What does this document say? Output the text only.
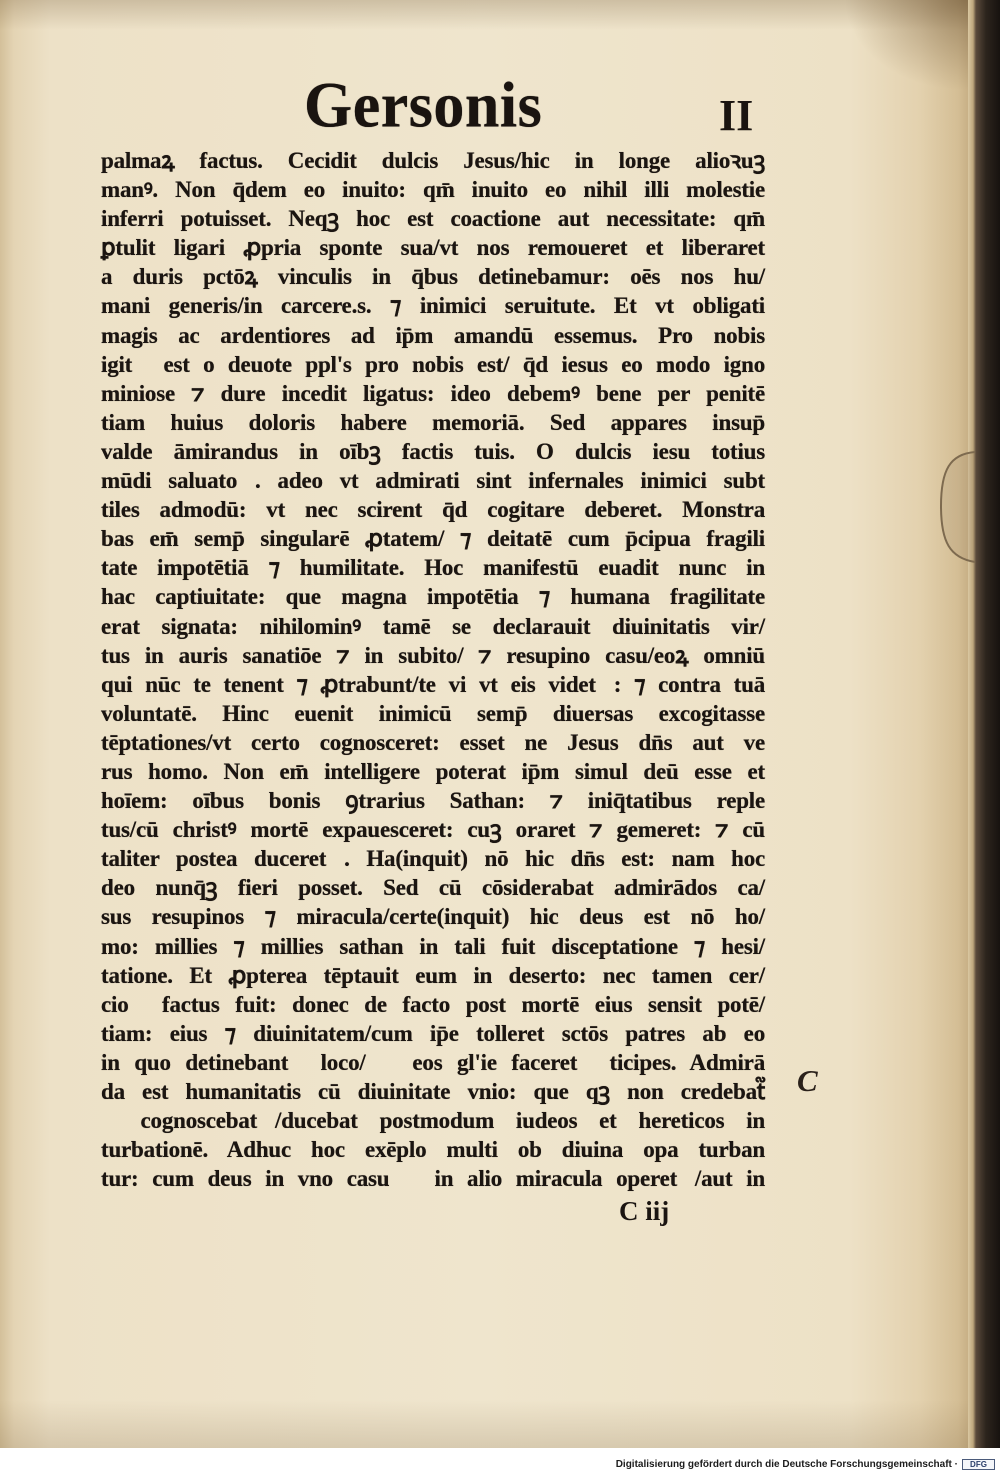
Gersonis	II
palmaꝝ factus. Cecidit dulcis Jesus/hic in longe alioꝛuꝫ
manꝰ. Non q̄dem eo inuito: qm̄ inuito eo nihil illi molestie
inferri potuisset. Neqꝫ hoc est coactione aut necessitate: qm̄
ꝑtulit ligari ꝓpria sponte sua/vt nos remoueret et liberaret
a duris pctōꝝ vinculis in q̄bus detinebamur: oēs nos hu/
mani generis/in carcere.s. ⁊ inimici seruitute. Et vt obligati
magis ac ardentiores ad ip̄m amandū essemus. Pro nobis
igit᷑ est o deuote ppl's pro nobis est/ q̄d iesus eo modo igno
miniose ⁊ dure incedit ligatus: ideo debemꝰ bene per penitē
tiam huius doloris habere memoriā. Sed appares insup̄
valde āmirandus in oībꝫ factis tuis. O dulcis iesu totius
mūdi saluato᷑. adeo vt admirati sint infernales inimici subt
tiles admodū: vt nec scirent q̄d cogitare deberet. Monstra
bas em̄ semp̄ singularē ꝓtatem/ ⁊ deitatē cum p̄cipua fragili
tate impotētiā ⁊ humilitate. Hoc manifestū euadit nunc in
hac captiuitate: que magna impotētia ⁊ humana fragilitate
erat signata: nihilominꝰ tamē se declarauit diuinitatis vir/
tus in auris sanatiōe ⁊ in subito/ ⁊ resupino casu/eoꝝ omniū
qui nūc te tenent ⁊ ꝓtrabunt/te vi vt eis videt᷑: ⁊ contra tuā
voluntatē. Hinc euenit inimicū semp̄ diuersas excogitasse
tēptationes/vt certo cognosceret: esset ne Jesus dn̄s aut ve
rus homo. Non em̄ intelligere poterat ip̄m simul deū esse et
hoīem: oībus bonis ꝯtrarius Sathan: ⁊ iniq̄tatibus reple
tus/cū christꝰ mortē expauesceret: cuꝫ oraret ⁊ gemeret: ⁊ cū
taliter postea duceret᷑. Ha(inquit) nō hic dn̄s est: nam hoc
deo nunq̄ꝫ fieri posset. Sed cū cōsiderabat admirādos ca/
sus resupinos ⁊ miracula/certe(inquit) hic deus est nō ho/
mo: millies ⁊ millies sathan in tali fuit disceptatione ⁊ hesi/
tatione. Et ꝓpterea tēptauit eum in deserto: nec tamen cer/
cio᷑ factus fuit: donec de facto post mortē eius sensit potē/
tiam: eius ⁊ diuinitatem/cum ip̄e tolleret sctōs patres ab eo
in quo detinebant᷑ loco/ ⁊ eos gl'ie faceret ꝑticipes. Admirā
da est humanitatis cū diuinitate vnio: que qꝫ non credebat᷑
⁊ cognoscebat᷑/ducebat postmodum iudeos et hereticos in
turbationē. Adhuc hoc exēplo multi ob diuina opa turban
tur: cum deus in vno casu ⁊ in alio miracula operet᷑/aut in
C
C iij
Digitalisierung gefördert durch die Deutsche Forschungsgemeinschaft ·	DFG
